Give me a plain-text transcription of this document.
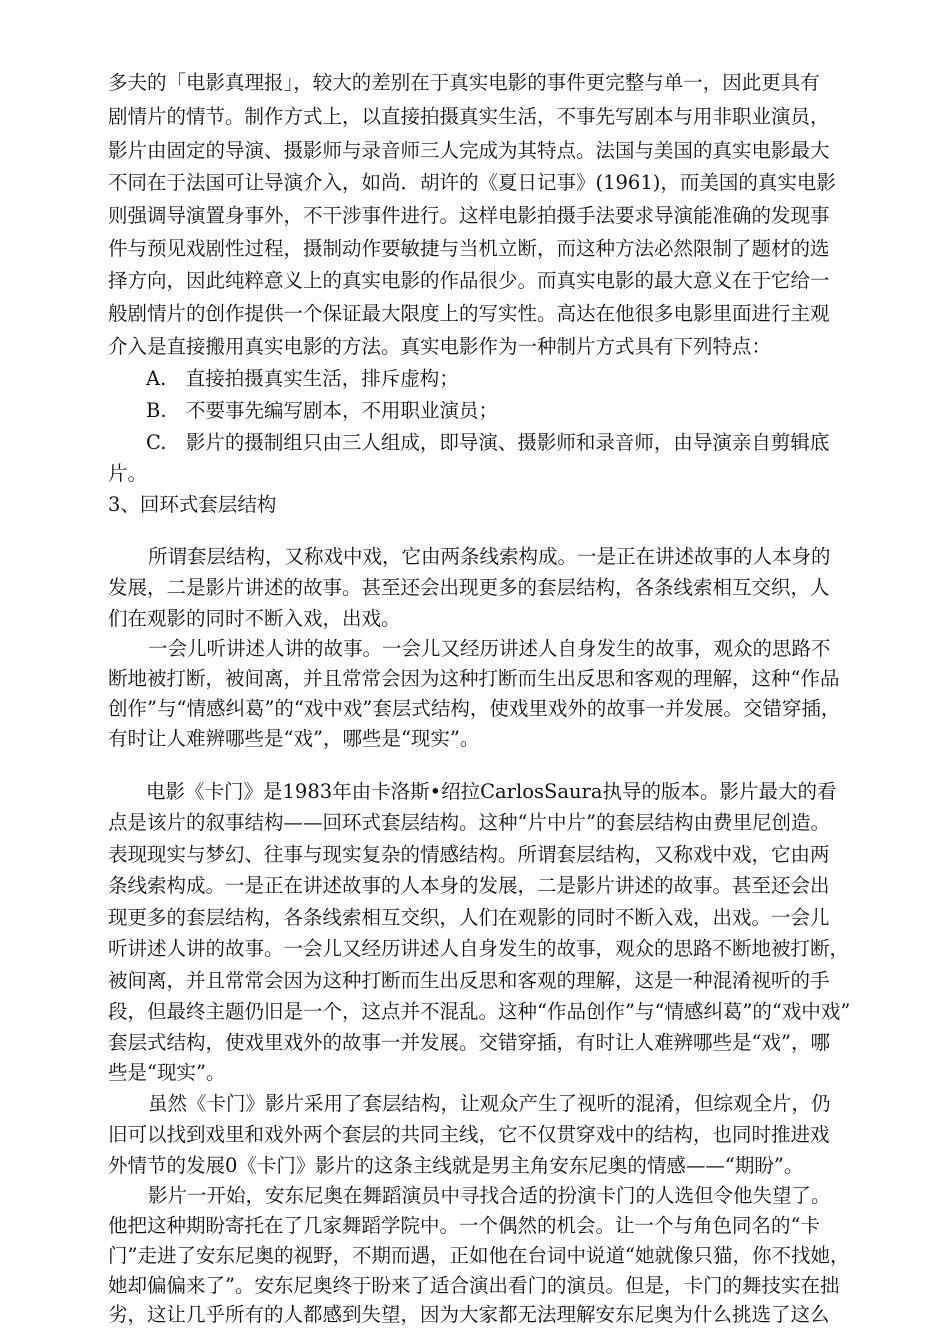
多夫的「电影真理报」，较大的差别在于真实电影的事件更完整与单一，因此更具有
剧情片的情节。制作方式上，以直接拍摄真实生活，不事先写剧本与用非职业演员，
影片由固定的导演、摄影师与录音师三人完成为其特点。法国与美国的真实电影最大
不同在于法国可让导演介入，如尚．胡许的《夏日记事》(1961)，而美国的真实电影
则强调导演置身事外，不干涉事件进行。这样电影拍摄手法要求导演能准确的发现事
件与预见戏剧性过程，摄制动作要敏捷与当机立断，而这种方法必然限制了题材的选
择方向，因此纯粹意义上的真实电影的作品很少。而真实电影的最大意义在于它给一
般剧情片的创作提供一个保证最大限度上的写实性。高达在他很多电影里面进行主观
介入是直接搬用真实电影的方法。真实电影作为一种制片方式具有下列特点：
A.　直接拍摄真实生活，排斥虚构；
B.　不要事先编写剧本，不用职业演员；
C.　影片的摄制组只由三人组成，即导演、摄影师和录音师，由导演亲自剪辑底
片。
3、回环式套层结构
所谓套层结构，又称戏中戏，它由两条线索构成。一是正在讲述故事的人本身的
发展，二是影片讲述的故事。甚至还会出现更多的套层结构，各条线索相互交织，人
们在观影的同时不断入戏，出戏。
一会儿听讲述人讲的故事。一会儿又经历讲述人自身发生的故事，观众的思路不
断地被打断，被间离，并且常常会因为这种打断而生出反思和客观的理解，这种“作品
创作”与“情感纠葛”的“戏中戏”套层式结构，使戏里戏外的故事一并发展。交错穿插，
有时让人难辨哪些是“戏”，哪些是“现实”。
电影《卡门》是1983年由卡洛斯•绍拉CarlosSaura执导的版本。影片最大的看
点是该片的叙事结构——回环式套层结构。这种“片中片”的套层结构由费里尼创造。
表现现实与梦幻、往事与现实复杂的情感结构。所谓套层结构，又称戏中戏，它由两
条线索构成。一是正在讲述故事的人本身的发展，二是影片讲述的故事。甚至还会出
现更多的套层结构，各条线索相互交织，人们在观影的同时不断入戏，出戏。一会儿
听讲述人讲的故事。一会儿又经历讲述人自身发生的故事，观众的思路不断地被打断，
被间离，并且常常会因为这种打断而生出反思和客观的理解，这是一种混淆视听的手
段，但最终主题仍旧是一个，这点并不混乱。这种“作品创作”与“情感纠葛”的“戏中戏”
套层式结构，使戏里戏外的故事一并发展。交错穿插，有时让人难辨哪些是“戏”，哪
些是“现实”。
虽然《卡门》影片采用了套层结构，让观众产生了视听的混淆，但综观全片，仍
旧可以找到戏里和戏外两个套层的共同主线，它不仅贯穿戏中的结构，也同时推进戏
外情节的发展0《卡门》影片的这条主线就是男主角安东尼奥的情感——“期盼”。
影片一开始，安东尼奥在舞蹈演员中寻找合适的扮演卡门的人选但令他失望了。
他把这种期盼寄托在了几家舞蹈学院中。一个偶然的机会。让一个与角色同名的“卡
门”走进了安东尼奥的视野，不期而遇，正如他在台词中说道“她就像只猫，你不找她，
她却偏偏来了”。安东尼奥终于盼来了适合演出看门的演员。但是，卡门的舞技实在拙
劣，这让几乎所有的人都感到失望，因为大家都无法理解安东尼奥为什么挑选了这么
